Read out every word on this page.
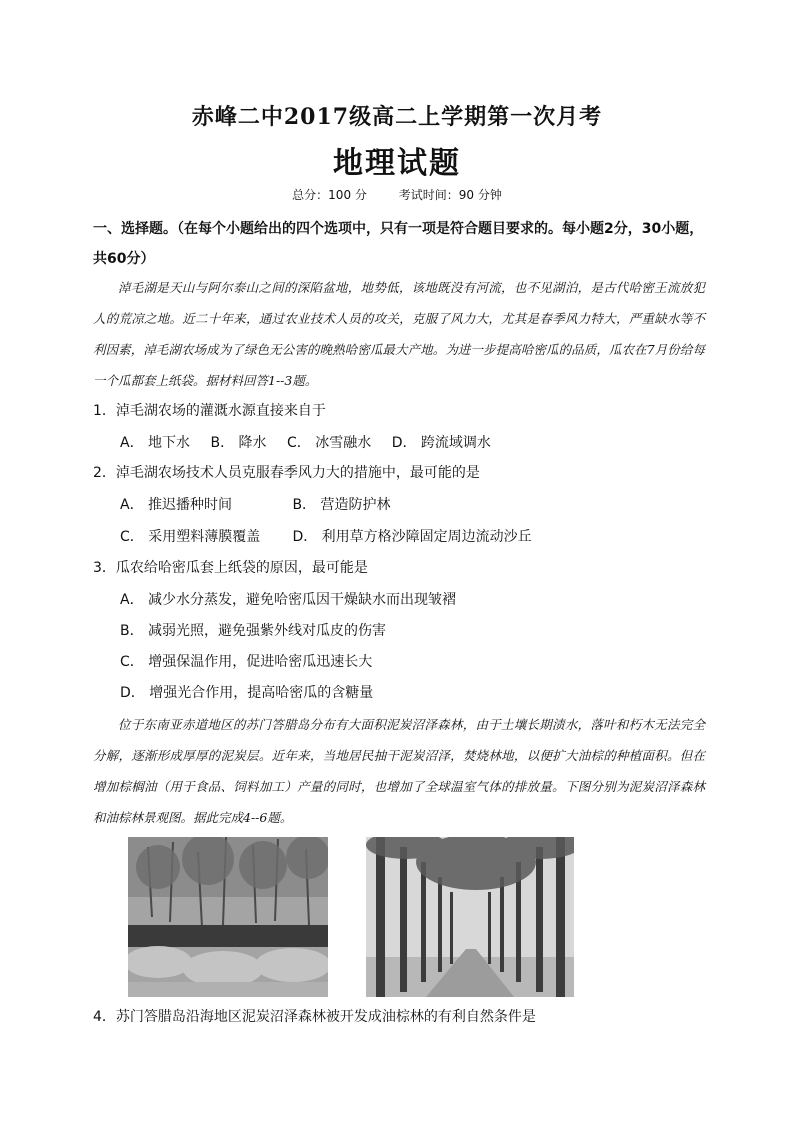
赤峰二中2017级高二上学期第一次月考
地理试题
总分：100 分	考试时间：90 分钟
一、选择题。（在每个小题给出的四个选项中，只有一项是符合题目要求的。每小题2分，30小题，
共60分）
淖毛湖是天山与阿尔泰山之间的深陷盆地，地势低，该地既没有河流，也不见湖泊，是古代哈密王流放犯人的荒凉之地。近二十年来，通过农业技术人员的攻关，克服了风力大，尤其是春季风力特大，严重缺水等不利因素，淖毛湖农场成为了绿色无公害的晚熟哈密瓜最大产地。为进一步提高哈密瓜的品质，瓜农在7月份给每一个瓜都套上纸袋。据材料回答1--3题。
1．淖毛湖农场的灌溉水源直接来自于
A． 地下水 B． 降水 C． 冰雪融水 D． 跨流域调水
2．淖毛湖农场技术人员克服春季风力大的措施中，最可能的是
A． 推迟播种时间	B． 营造防护林
C． 采用塑料薄膜覆盖 D． 利用草方格沙障固定周边流动沙丘
3．瓜农给哈密瓜套上纸袋的原因，最可能是
A． 减少水分蒸发，避免哈密瓜因干燥缺水而出现皱褶
B． 减弱光照，避免强紫外线对瓜皮的伤害
C． 增强保温作用，促进哈密瓜迅速长大
D． 增强光合作用，提高哈密瓜的含糖量
位于东南亚赤道地区的苏门答腊岛分布有大面积泥炭沼泽森林，由于土壤长期渍水，落叶和朽木无法完全分解，逐渐形成厚厚的泥炭层。近年来，当地居民抽干泥炭沼泽，焚烧林地，以便扩大油棕的种植面积。但在增加棕榈油（用于食品、饲料加工）产量的同时，也增加了全球温室气体的排放量。下图分别为泥炭沼泽森林和油棕林景观图。据此完成4--6题。
4．苏门答腊岛沿海地区泥炭沼泽森林被开发成油棕林的有利自然条件是
